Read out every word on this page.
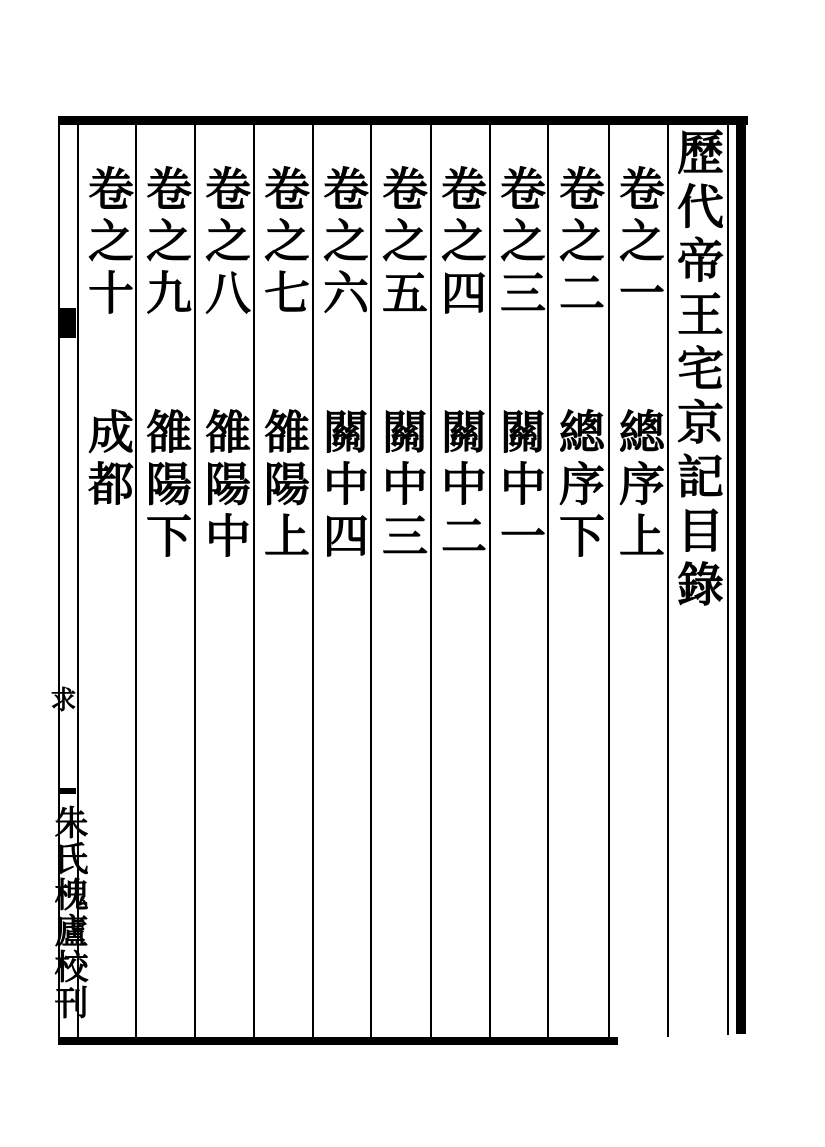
歷代帝王宅京記目錄
卷之一
總序上
卷之二
總序下
卷之三
關中一
卷之四
關中二
卷之五
關中三
卷之六
關中四
卷之七
雒陽上
卷之八
雒陽中
卷之九
雒陽下
卷之十
成都
求
朱氏槐廬校刊
